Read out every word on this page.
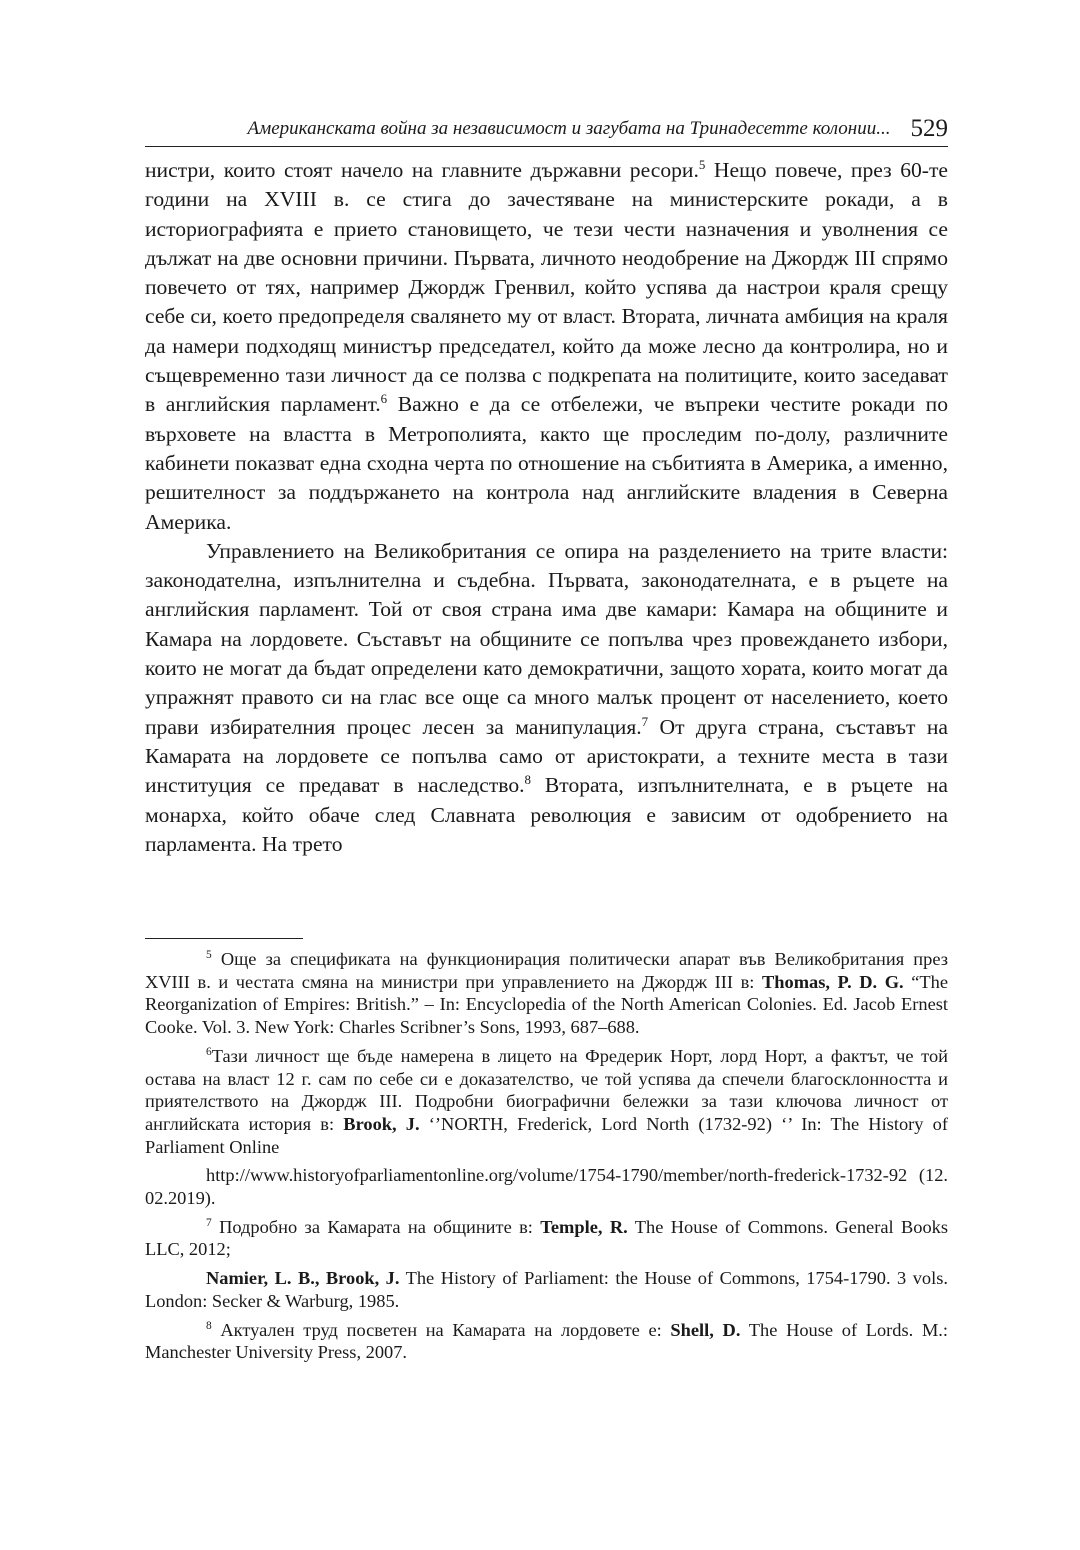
Американската война за независимост и загубата на Тринадесетте колонии... 529

нистри, които стоят начело на главните държавни ресори.$^5$ Нещо повече, през 60-те години на XVIII в. се стига до зачестяване на министерските рокади, а в историографията е прието становището, че тези чести назначения и уволнения се дължат на две основни причини. Първата, личното неодобрение на Джордж III спрямо повечето от тях, например Джордж Гренвил, който успява да настрои краля срещу себе си, което предопределя свалянето му от власт. Втората, личната амбиция на краля да намери подходящ министър председател, който да може лесно да контролира, но и същевременно тази личност да се ползва с подкрепата на политиците, които заседават в английския парламент.$^6$ Важно е да се отбележи, че въпреки честите рокади по върховете на властта в Метрополията, както ще проследим по-долу, различните кабинети показват една сходна черта по отношение на събитията в Америка, а именно, решителност за поддържането на контрола над английските владения в Северна Америка.

Управлението на Великобритания се опира на разделението на трите власти: законодателна, изпълнителна и съдебна. Първата, законодателната, е в ръцете на английския парламент. Той от своя страна има две камари: Камара на общините и Камара на лордовете. Съставът на общините се попълва чрез провеждането избори, които не могат да бъдат определени като демократични, защото хората, които могат да упражнят правото си на глас все още са много малък процент от населението, което прави избирателния процес лесен за манипулация.$^7$ От друга страна, съставът на Камарата на лордовете се попълва само от аристократи, а техните места в тази институция се предават в наследство.$^8$ Втората, изпълнителната, е в ръцете на монарха, който обаче след Славната революция е зависим от одобрението на парламента. На трето

$^5$ Още за спецификата на функционирация политически апарат във Великобритания през XVIII в. и честата смяна на министри при управлението на Джордж III в: Thomas, P. D. G. “The Reorganization of Empires: British.” – In: Encyclopedia of the North American Colonies. Ed. Jacob Ernest Cooke. Vol. 3. New York: Charles Scribner’s Sons, 1993, 687–688.

$^6$Тази личност ще бъде намерена в лицето на Фредерик Норт, лорд Норт, а фактът, че той остава на власт 12 г. сам по себе си е доказателство, че той успява да спечели благосклонността и приятелството на Джордж III. Подробни биографични бележки за тази ключова личност от английската история в: Brook, J. ‘’NORTH, Frederick, Lord North (1732-92) ‘’ In: The History of Parliament Online

http://www.historyofparliamentonline.org/volume/1754-1790/member/north-frederick-1732-92 (12.02.2019).

$^7$ Подробно за Камарата на общините в: Temple, R. The House of Commons. General Books LLC, 2012;

Namier, L. B., Brook, J. The History of Parliament: the House of Commons, 1754-1790. 3 vols. London: Secker & Warburg, 1985.

$^8$ Актуален труд посветен на Камарата на лордовете е: Shell, D. The House of Lords. M.: Manchester University Press, 2007.
